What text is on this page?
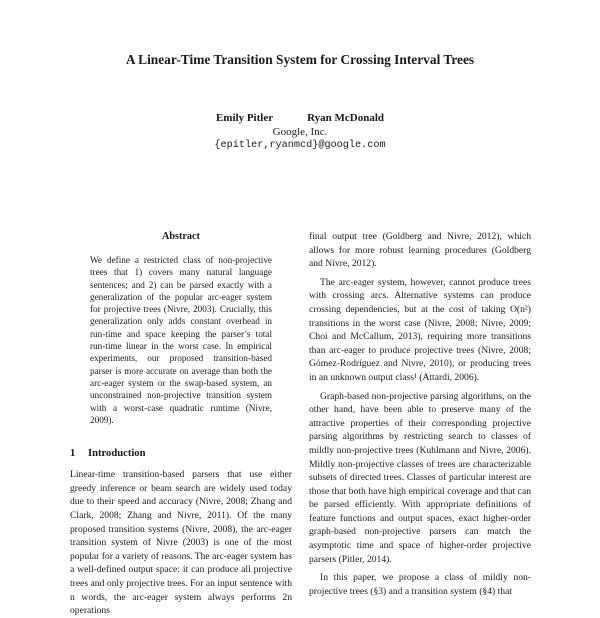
A Linear-Time Transition System for Crossing Interval Trees
Emily Pitler	Ryan McDonald
Google, Inc.
{epitler,ryanmcd}@google.com
Abstract

We define a restricted class of non-projective trees that 1) covers many natural language sentences; and 2) can be parsed exactly with a generalization of the popular arc-eager system for projective trees (Nivre, 2003). Crucially, this generalization only adds constant overhead in run-time and space keeping the parser’s total run-time linear in the worst case. In empirical experiments, our proposed transition-based parser is more accurate on average than both the arc-eager system or the swap-based system, an unconstrained non-projective transition system with a worst-case quadratic runtime (Nivre, 2009).

1 Introduction

Linear-time transition-based parsers that use either greedy inference or beam search are widely used today due to their speed and accuracy (Nivre, 2008; Zhang and Clark, 2008; Zhang and Nivre, 2011). Of the many proposed transition systems (Nivre, 2008), the arc-eager transition system of Nivre (2003) is one of the most popular for a variety of reasons. The arc-eager system has a well-defined output space: it can produce all projective trees and only projective trees. For an input sentence with n words, the arc-eager system always performs 2n operations

final output tree (Goldberg and Nivre, 2012), which allows for more robust learning procedures (Goldberg and Nivre, 2012).

The arc-eager system, however, cannot produce trees with crossing arcs. Alternative systems can produce crossing dependencies, but at the cost of taking O(n²) transitions in the worst case (Nivre, 2008; Nivre, 2009; Choi and McCallum, 2013), requiring more transitions than arc-eager to produce projective trees (Nivre, 2008; Gómez-Rodríguez and Nivre, 2010), or producing trees in an unknown output class¹ (Attardi, 2006).

Graph-based non-projective parsing algorithms, on the other hand, have been able to preserve many of the attractive properties of their corresponding projective parsing algorithms by restricting search to classes of mildly non-projective trees (Kuhlmann and Nivre, 2006). Mildly non-projective classes of trees are characterizable subsets of directed trees. Classes of particular interest are those that both have high empirical coverage and that can be parsed efficiently. With appropriate definitions of feature functions and output spaces, exact higher-order graph-based non-projective parsers can match the asymptotic time and space of higher-order projective parsers (Pitler, 2014).

In this paper, we propose a class of mildly non-projective trees (§3) and a transition system (§4) that
